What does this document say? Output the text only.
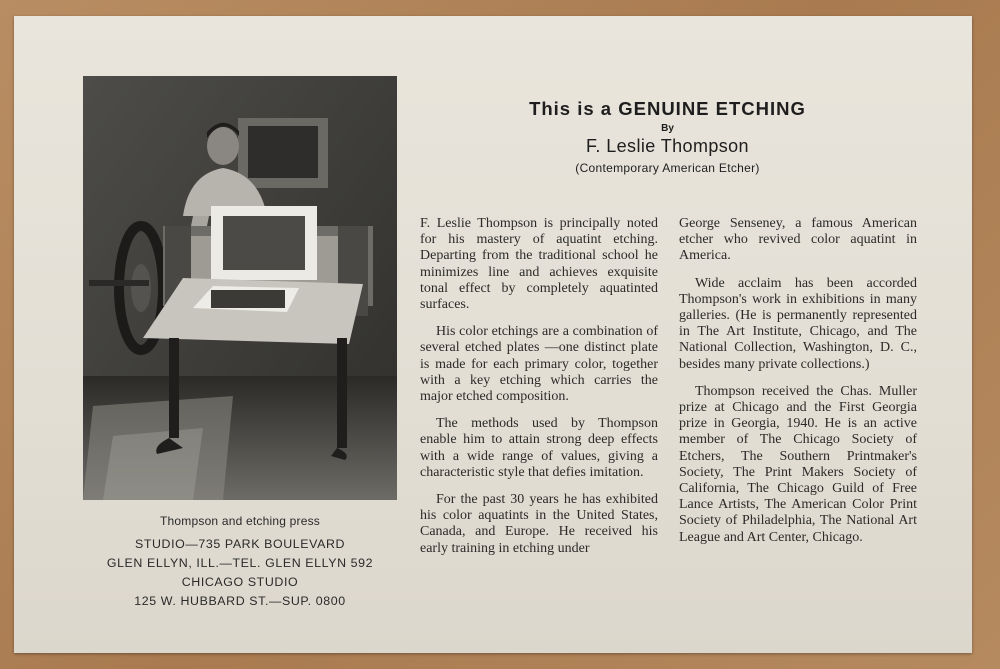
Thompson and etching press
STUDIO—735 PARK BOULEVARD
GLEN ELLYN, ILL.—TEL. GLEN ELLYN 592
CHICAGO STUDIO
125 W. HUBBARD ST.—SUP. 0800
This is a GENUINE ETCHING
By
F. Leslie Thompson
(Contemporary American Etcher)

F. Leslie Thompson is principally noted for his mastery of aquatint etching. Departing from the traditional school he minimizes line and achieves exquisite tonal effect by completely aquatinted surfaces.

His color etchings are a combination of several etched plates —one distinct plate is made for each primary color, together with a key etching which carries the major etched composition.

The methods used by Thompson enable him to attain strong deep effects with a wide range of values, giving a characteristic style that defies imitation.

For the past 30 years he has exhibited his color aquatints in the United States, Canada, and Europe. He received his early training in etching under

George Senseney, a famous American etcher who revived color aquatint in America.

Wide acclaim has been accorded Thompson's work in exhibitions in many galleries. (He is permanently represented in The Art Institute, Chicago, and The National Collection, Washington, D. C., besides many private collections.)

Thompson received the Chas. Muller prize at Chicago and the First Georgia prize in Georgia, 1940. He is an active member of The Chicago Society of Etchers, The Southern Printmaker's Society, The Print Makers Society of California, The Chicago Guild of Free Lance Artists, The American Color Print Society of Philadelphia, The National Art League and Art Center, Chicago.
